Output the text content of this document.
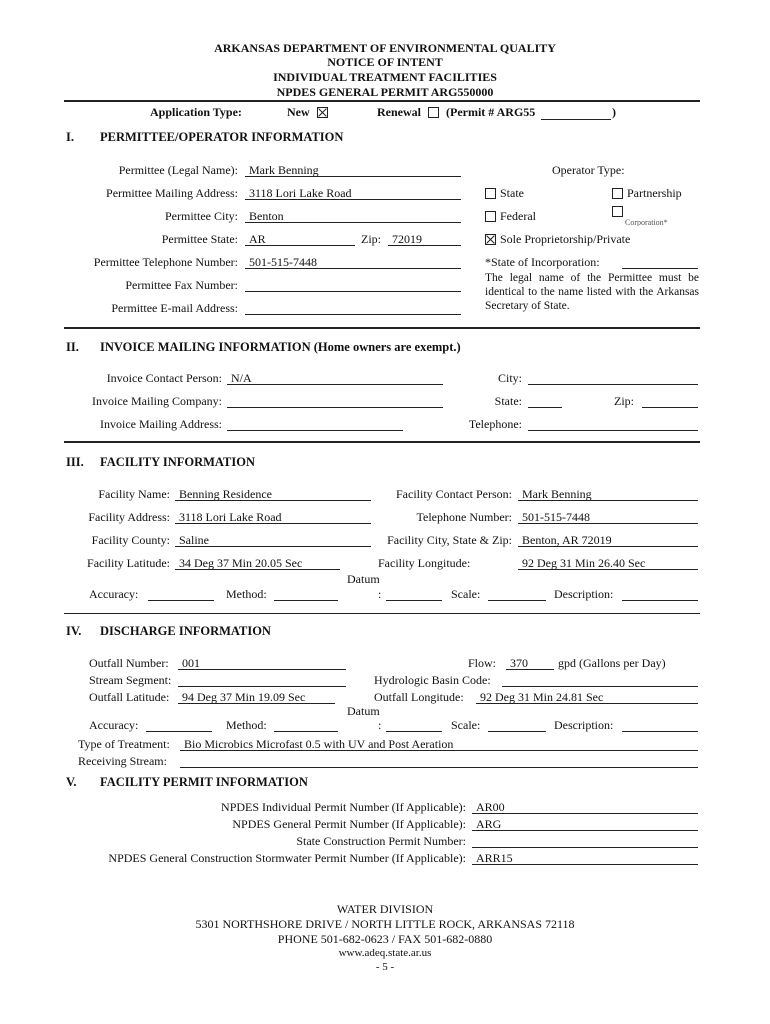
ARKANSAS DEPARTMENT OF ENVIRONMENTAL QUALITY
NOTICE OF INTENT
INDIVIDUAL TREATMENT FACILITIES
NPDES GENERAL PERMIT ARG550000
Application Type:	New	Renewal (Permit # ARG55	)
I. PERMITTEE/OPERATOR INFORMATION
Permittee (Legal Name): Mark Benning
Permittee Mailing Address: 3118 Lori Lake Road
Permittee City: Benton
Permittee State: AR	Zip: 72019
Permittee Telephone Number: 501-515-7448
Permittee Fax Number:
Permittee E-mail Address:
Operator Type:
State	Partnership
Federal	Corporation*
Sole Proprietorship/Private
*State of Incorporation:
The legal name of the Permittee must be identical to the name listed with the Arkansas Secretary of State.
II. INVOICE MAILING INFORMATION (Home owners are exempt.)
Invoice Contact Person: N/A
Invoice Mailing Company:
Invoice Mailing Address:
City:
State:	Zip:
Telephone:
III. FACILITY INFORMATION
Facility Name: Benning Residence
Facility Address: 3118 Lori Lake Road
Facility County: Saline
Facility Latitude: 34 Deg 37 Min 20.05 Sec
Facility Contact Person: Mark Benning
Telephone Number: 501-515-7448
Facility City, State & Zip: Benton, AR 72019
Facility Longitude:	92 Deg 31 Min 26.40 Sec
Datum
Accuracy:	Method:	:	Scale:	Description:
IV. DISCHARGE INFORMATION
Outfall Number:	001	Flow:	370	gpd (Gallons per Day)
Stream Segment:	Hydrologic Basin Code:
Outfall Latitude:	94 Deg 37 Min 19.09 Sec	Outfall Longitude:	92 Deg 31 Min 24.81 Sec
Datum
Accuracy:	Method:	:	Scale:	Description:
Type of Treatment:	Bio Microbics Microfast 0.5 with UV and Post Aeration
Receiving Stream:
V. FACILITY PERMIT INFORMATION
NPDES Individual Permit Number (If Applicable): AR00
NPDES General Permit Number (If Applicable): ARG
State Construction Permit Number:
NPDES General Construction Stormwater Permit Number (If Applicable): ARR15
WATER DIVISION
5301 NORTHSHORE DRIVE / NORTH LITTLE ROCK, ARKANSAS 72118
PHONE 501-682-0623 / FAX 501-682-0880
www.adeq.state.ar.us
- 5 -
